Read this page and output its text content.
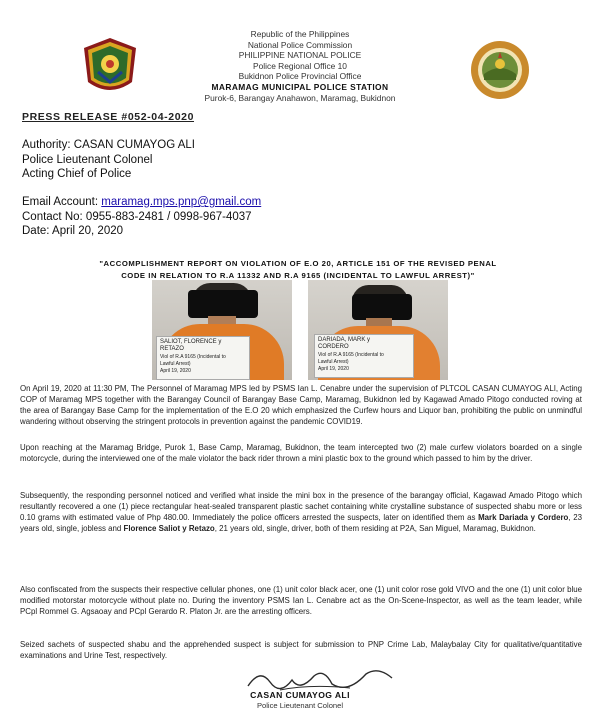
Republic of the Philippines
National Police Commission
PHILIPPINE NATIONAL POLICE
Police Regional Office 10
Bukidnon Police Provincial Office
MARAMAG MUNICIPAL POLICE STATION
Purok-6, Barangay Anahawon, Maramag, Bukidnon
PRESS RELEASE #052-04-2020
Authority: CASAN CUMAYOG ALI
Police Lieutenant Colonel
Acting Chief of Police
Email Account: maramag.mps.pnp@gmail.com
Contact No: 0955-883-2481 / 0998-967-4037
Date: April 20, 2020
"ACCOMPLISHMENT REPORT ON VIOLATION OF E.O 20, ARTICLE 151 OF THE REVISED PENAL
CODE IN RELATION TO R.A 11332 AND R.A 9165 (INCIDENTAL TO LAWFUL ARREST)"
SALIOT, FLORENCE y
RETAZO
Viol of R.A 9165 (Incidental to
Lawful Arrest)
April 19, 2020
DARIADA, MARK y
CORDERO
Viol of R.A 9165 (Incidental to
Lawful Arrest)
April 19, 2020
On April 19, 2020 at 11:30 PM, The Personnel of Maramag MPS led by PSMS Ian L. Cenabre under the supervision of PLTCOL CASAN CUMAYOG ALI, Acting COP of Maramag MPS together with the Barangay Council of Barangay Base Camp, Maramag, Bukidnon led by Kagawad Amado Pitogo conducted roving at the area of Barangay Base Camp for the implementation of the E.O 20 which emphasized the Curfew hours and Liquor ban, prohibiting the public on unmindful wandering without observing the stringent protocols in prevention against the pandemic COVID19.
Upon reaching at the Maramag Bridge, Purok 1, Base Camp, Maramag, Bukidnon, the team intercepted two (2) male curfew violators boarded on a single motorcycle, during the interviewed one of the male violator the back rider thrown a mini plastic box to the ground which passed to him by the driver.
Subsequently, the responding personnel noticed and verified what inside the mini box in the presence of the barangay official, Kagawad Amado Pitogo which resultantly recovered a one (1) piece rectangular heat-sealed transparent plastic sachet containing white crystalline substance of suspected shabu more or less 0.10 grams with estimated value of Php 480.00. Immediately the police officers arrested the suspects, later on identified them as Mark Dariada y Cordero, 23 years old, single, jobless and Florence Saliot y Retazo, 21 years old, single, driver, both of them residing at P2A, San Miguel, Maramag, Bukidnon.
Also confiscated from the suspects their respective cellular phones, one (1) unit color black acer, one (1) unit color rose gold VIVO and the one (1) unit color blue modified motorstar motorcycle without plate no. During the inventory PSMS Ian L. Cenabre act as the On-Scene-Inspector, as well as the team leader, while PCpl Rommel G. Agsaoay and PCpl Gerardo R. Platon Jr. are the arresting officers.
Seized sachets of suspected shabu and the apprehended suspect is subject for submission to PNP Crime Lab, Malaybalay City for qualitative/quantitative examinations and Urine Test, respectively.
CASAN CUMAYOG ALI
Police Lieutenant Colonel
